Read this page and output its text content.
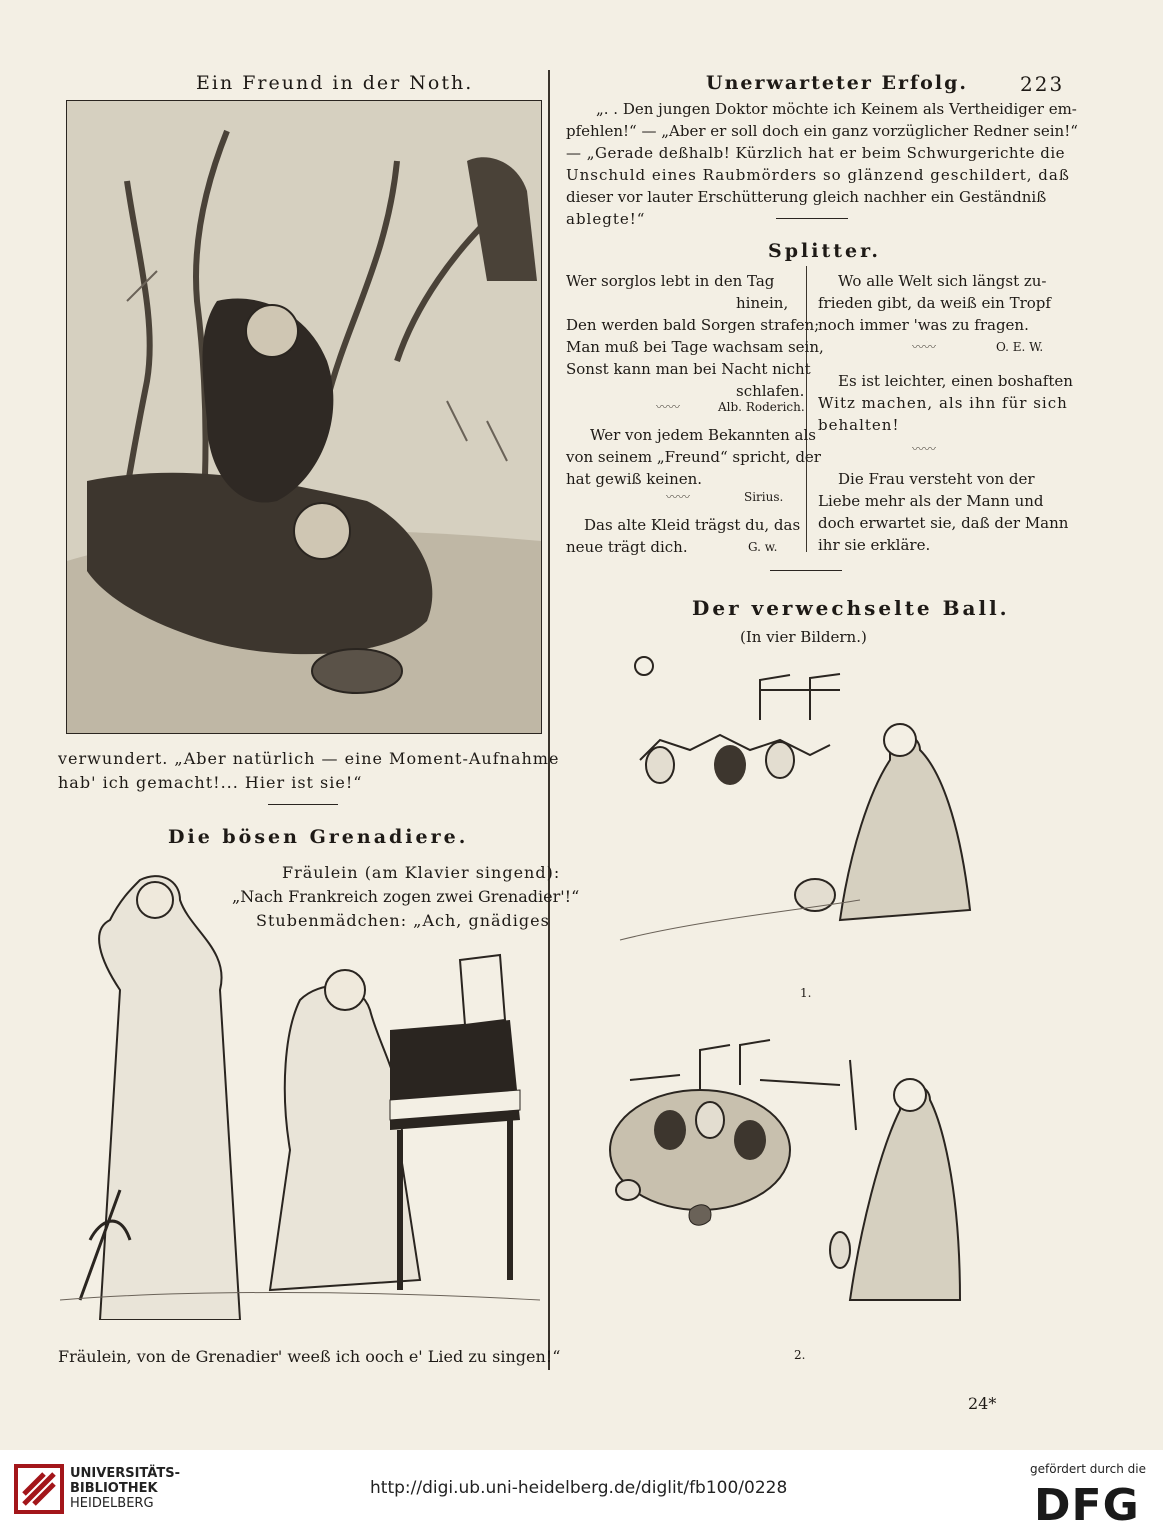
Ein Freund in der Noth.

verwundert. „Aber natürlich — eine Moment-Aufnahme

hab' ich gemacht!... Hier ist sie!“

Die bösen Grenadiere.

Fräulein (am Klavier singend):

„Nach Frankreich zogen zwei Grenadier'!“

Stubenmädchen: „Ach, gnädiges

Fräulein, von de Grenadier' weeß ich ooch e' Lied zu singen!“

Unerwarteter Erfolg.	223

„. . Den jungen Doktor möchte ich Keinem als Vertheidiger em-

pfehlen!“ — „Aber er soll doch ein ganz vorzüglicher Redner sein!“

— „Gerade deßhalb! Kürzlich hat er beim Schwurgerichte die

Unschuld eines Raubmörders so glänzend geschildert, daß

dieser vor lauter Erschütterung gleich nachher ein Geständniß

ablegte!“

Splitter.

Wer sorglos lebt in den Tag

hinein,

Den werden bald Sorgen strafen;

Man muß bei Tage wachsam sein,

Sonst kann man bei Nacht nicht

schlafen.

〰〰	Alb. Roderich.

Wer von jedem Bekannten als

von seinem „Freund“ spricht, der

hat gewiß keinen.

〰〰	Sirius.

Das alte Kleid trägst du, das

neue trägt dich.	G. w.

Wo alle Welt sich längst zu-

frieden gibt, da weiß ein Tropf

noch immer 'was zu fragen.

〰〰	O. E. W.

Es ist leichter, einen boshaften

Witz machen, als ihn für sich

behalten!

〰〰

Die Frau versteht von der

Liebe mehr als der Mann und

doch erwartet sie, daß der Mann

ihr sie erkläre.

Der verwechselte Ball.

(In vier Bildern.)

1.

2.

24*

UNIVERSITÄTS-

BIBLIOTHEK

HEIDELBERG

http://digi.ub.uni-heidelberg.de/diglit/fb100/0228

gefördert durch die

DFG
